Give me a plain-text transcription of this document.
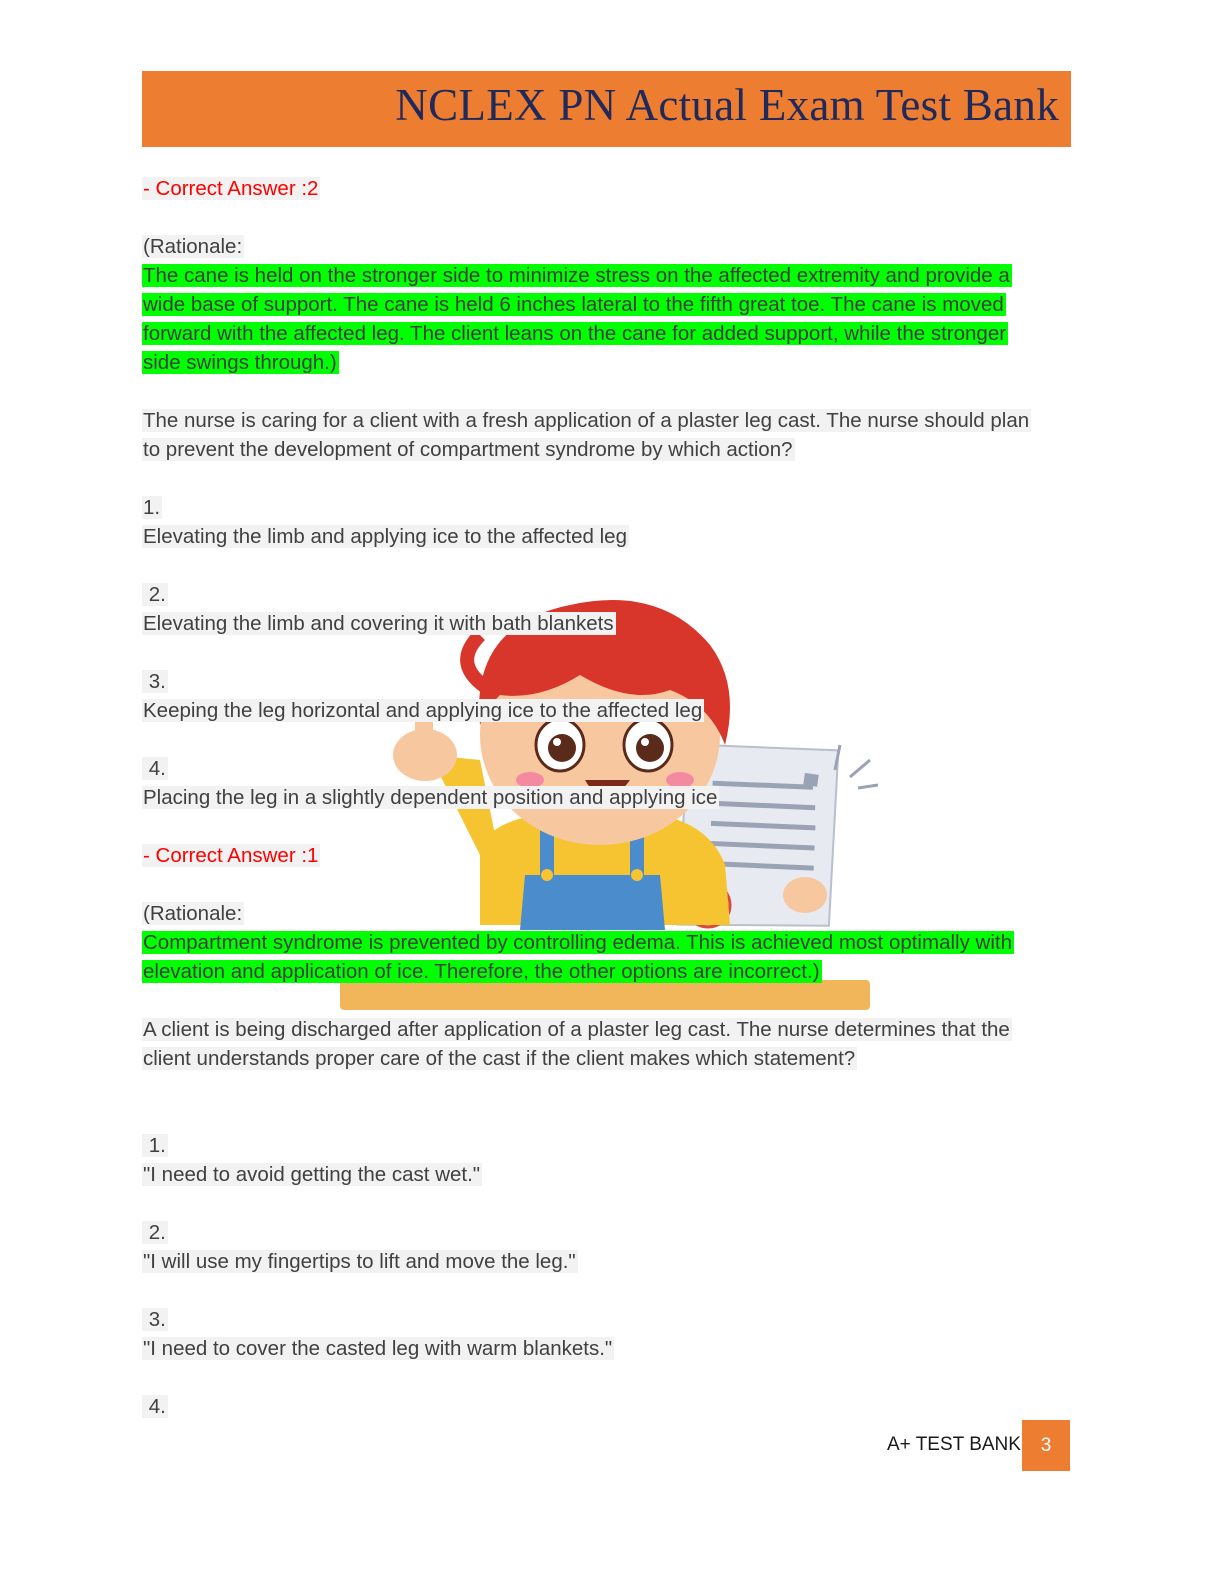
NCLEX PN Actual Exam Test Bank
- Correct Answer :2
(Rationale:
The cane is held on the stronger side to minimize stress on the affected extremity and provide a
wide base of support. The cane is held 6 inches lateral to the fifth great toe. The cane is moved
forward with the affected leg. The client leans on the cane for added support, while the stronger
side swings through.)
The nurse is caring for a client with a fresh application of a plaster leg cast. The nurse should plan
to prevent the development of compartment syndrome by which action?
1.
Elevating the limb and applying ice to the affected leg
2.
Elevating the limb and covering it with bath blankets
3.
Keeping the leg horizontal and applying ice to the affected leg
4.
Placing the leg in a slightly dependent position and applying ice
- Correct Answer :1
(Rationale:
Compartment syndrome is prevented by controlling edema. This is achieved most optimally with
elevation and application of ice. Therefore, the other options are incorrect.)
A client is being discharged after application of a plaster leg cast. The nurse determines that the
client understands proper care of the cast if the client makes which statement?
1.
"I need to avoid getting the cast wet."
2.
"I will use my fingertips to lift and move the leg."
3.
"I need to cover the casted leg with warm blankets."
4.
A+ TEST BANK	3
